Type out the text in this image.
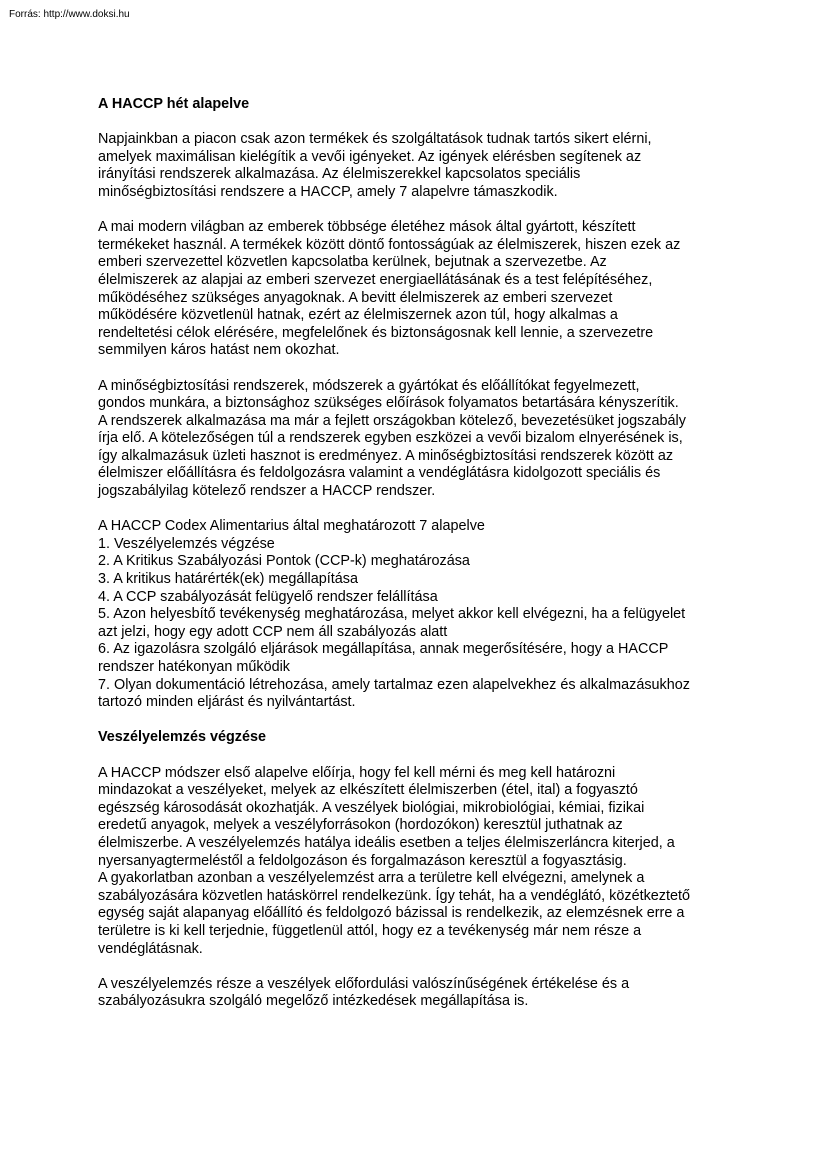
Forrás: http://www.doksi.hu
A HACCP hét alapelve
Napjainkban a piacon csak azon termékek és szolgáltatások tudnak tartós sikert elérni,
amelyek maximálisan kielégítik a vevői igényeket. Az igények elérésben segítenek az
irányítási rendszerek alkalmazása. Az élelmiszerekkel kapcsolatos speciális
minőségbiztosítási rendszere a HACCP, amely 7 alapelvre támaszkodik.
A mai modern világban az emberek többsége életéhez mások által gyártott, készített
termékeket használ. A termékek között döntő fontosságúak az élelmiszerek, hiszen ezek az
emberi szervezettel közvetlen kapcsolatba kerülnek, bejutnak a szervezetbe. Az
élelmiszerek az alapjai az emberi szervezet energiaellátásának és a test felépítéséhez,
működéséhez szükséges anyagoknak. A bevitt élelmiszerek az emberi szervezet
működésére közvetlenül hatnak, ezért az élelmiszernek azon túl, hogy alkalmas a
rendeltetési célok elérésére, megfelelőnek és biztonságosnak kell lennie, a szervezetre
semmilyen káros hatást nem okozhat.
A minőségbiztosítási rendszerek, módszerek a gyártókat és előállítókat fegyelmezett,
gondos munkára, a biztonsághoz szükséges előírások folyamatos betartására kényszerítik.
A rendszerek alkalmazása ma már a fejlett országokban kötelező, bevezetésüket jogszabály
írja elő. A kötelezőségen túl a rendszerek egyben eszközei a vevői bizalom elnyerésének is,
így alkalmazásuk üzleti hasznot is eredményez. A minőségbiztosítási rendszerek között az
élelmiszer előállításra és feldolgozásra valamint a vendéglátásra kidolgozott speciális és
jogszabályilag kötelező rendszer a HACCP rendszer.
A HACCP Codex Alimentarius által meghatározott 7 alapelve
1. Veszélyelemzés végzése
2. A Kritikus Szabályozási Pontok (CCP-k) meghatározása
3. A kritikus határérték(ek) megállapítása
4. A CCP szabályozását felügyelő rendszer felállítása
5. Azon helyesbítő tevékenység meghatározása, melyet akkor kell elvégezni, ha a felügyelet
azt jelzi, hogy egy adott CCP nem áll szabályozás alatt
6. Az igazolásra szolgáló eljárások megállapítása, annak megerősítésére, hogy a HACCP
rendszer hatékonyan működik
7. Olyan dokumentáció létrehozása, amely tartalmaz ezen alapelvekhez és alkalmazásukhoz
tartozó minden eljárást és nyilvántartást.
Veszélyelemzés végzése
A HACCP módszer első alapelve előírja, hogy fel kell mérni és meg kell határozni
mindazokat a veszélyeket, melyek az elkészített élelmiszerben (étel, ital) a fogyasztó
egészség károsodását okozhatják. A veszélyek biológiai, mikrobiológiai, kémiai, fizikai
eredetű anyagok, melyek a veszélyforrásokon (hordozókon) keresztül juthatnak az
élelmiszerbe. A veszélyelemzés hatálya ideális esetben a teljes élelmiszerláncra kiterjed, a
nyersanyagtermeléstől a feldolgozáson és forgalmazáson keresztül a fogyasztásig.
A gyakorlatban azonban a veszélyelemzést arra a területre kell elvégezni, amelynek a
szabályozására közvetlen hatáskörrel rendelkezünk. Így tehát, ha a vendéglátó, közétkeztető
egység saját alapanyag előállító és feldolgozó bázissal is rendelkezik, az elemzésnek erre a
területre is ki kell terjednie, függetlenül attól, hogy ez a tevékenység már nem része a
vendéglátásnak.
A veszélyelemzés része a veszélyek előfordulási valószínűségének értékelése és a
szabályozásukra szolgáló megelőző intézkedések megállapítása is.
